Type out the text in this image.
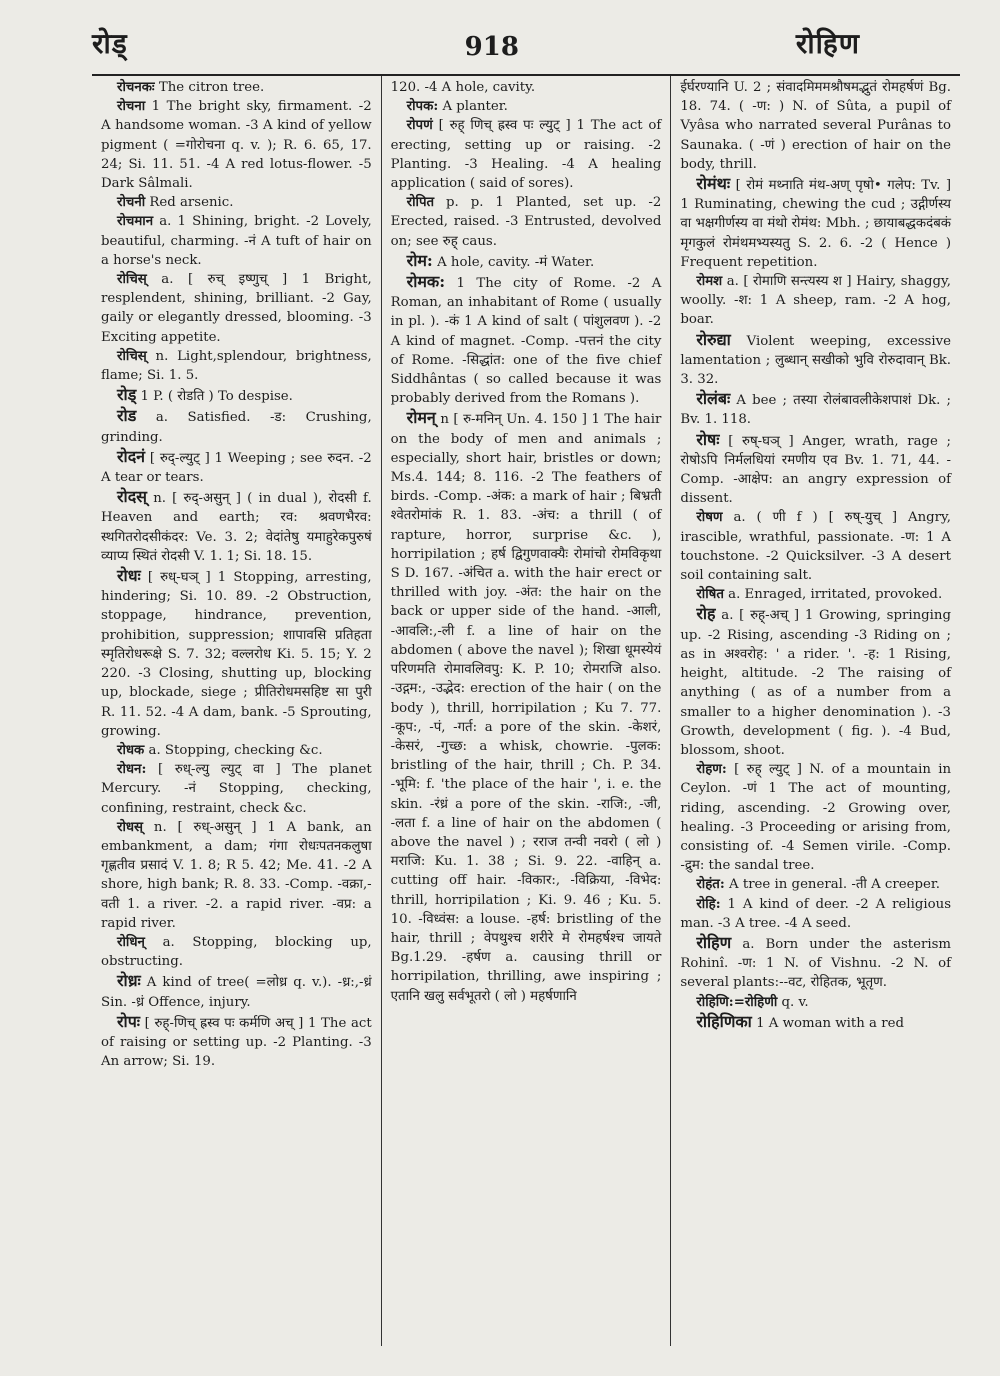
रोड्	918	रोहिण

रोचनकः The citron tree.

रोचना 1 The bright sky, firmament. -2 A handsome woman. -3 A kind of yellow pigment ( =गोरोचना q. v. ); R. 6. 65, 17. 24; Si. 11. 51. -4 A red lotus-flower. -5 Dark Sâlmali.

रोचनी Red arsenic.

रोचमान a. 1 Shining, bright. -2 Lovely, beautiful, charming. -नं A tuft of hair on a horse's neck.

रोचिस् a. [ रुच् इष्णुच् ] 1 Bright, resplendent, shining, brilliant. -2 Gay, gaily or elegantly dressed, blooming. -3 Exciting appetite.

रोचिस् n. Light,splendour, brightness, flame; Si. 1. 5.

रोड् 1 P. ( रोडति ) To despise.

रोड a. Satisfied. -ड: Crushing, grinding.

रोदनं [ रुद्-ल्युट् ] 1 Weeping ; see रुदन. -2 A tear or tears.

रोदस् n. [ रुद्-असुन् ] ( in dual ), रोदसी f. Heaven and earth; रव: श्रवणभैरव: स्थगितरोदसीकंदर: Ve. 3. 2; वेदांतेषु यमाहुरेकपुरुषं व्याप्य स्थितं रोदसी V. 1. 1; Si. 18. 15.

रोधः [ रुध्-घञ् ] 1 Stopping, arresting, hindering; Si. 10. 89. -2 Obstruction, stoppage, hindrance, prevention, prohibition, suppression; शापावसि प्रतिहता स्मृतिरोधरूक्षे S. 7. 32; वल्लरोध Ki. 5. 15; Y. 2 220. -3 Closing, shutting up, blocking up, blockade, siege ; प्रीतिरोधमसहिष्ट सा पुरी R. 11. 52. -4 A dam, bank. -5 Sprouting, growing.

रोधक a. Stopping, checking &c.

रोधन: [ रुध्-ल्यु ल्युट् वा ] The planet Mercury. -नं Stopping, checking, confining, restraint, check &c.

रोधस् n. [ रुध्-असुन् ] 1 A bank, an embankment, a dam; गंगा रोधःपतनकलुषा गृह्णतीव प्रसादं V. 1. 8; R 5. 42; Me. 41. -2 A shore, high bank; R. 8. 33. -Comp. -वक्रा,-वती 1. a river. -2. a rapid river. -वप्र: a rapid river.

रोधिन् a. Stopping, blocking up, obstructing.

रोध्रः A kind of tree( =लोध्र q. v.). -ध्र:,-ध्रं Sin. -ध्रं Offence, injury.

रोपः [ रुह्-णिच् ह्रस्व पः कर्मणि अच् ] 1 The act of raising or setting up. -2 Planting. -3 An arrow; Si. 19.

120. -4 A hole, cavity.

रोपक: A planter.

रोपणं [ रुह् णिच् ह्रस्व पः ल्युट् ] 1 The act of erecting, setting up or raising. -2 Planting. -3 Healing. -4 A healing application ( said of sores).

रोपित p. p. 1 Planted, set up. -2 Erected, raised. -3 Entrusted, devolved on; see रुह् caus.

रोम: A hole, cavity. -मं Water.

रोमक: 1 The city of Rome. -2 A Roman, an inhabitant of Rome ( usually in pl. ). -कं 1 A kind of salt ( पांशुलवण ). -2 A kind of magnet. -Comp. -पत्तनं the city of Rome. -सिद्धांत: one of the five chief Siddhântas ( so called because it was probably derived from the Romans ).

रोमन् n [ रु-मनिन् Un. 4. 150 ] 1 The hair on the body of men and animals ; especially, short hair, bristles or down; Ms.4. 144; 8. 116. -2 The feathers of birds. -Comp. -अंक: a mark of hair ; बिभ्रती श्वेतरोमांकं R. 1. 83. -अंच: a thrill ( of rapture, horror, surprise &c. ), horripilation ; हर्ष द्विगुणवाक्यैः रोमांचो रोमविकृथा S D. 167. -अंचित a. with the hair erect or thrilled with joy. -अंत: the hair on the back or upper side of the hand. -आली, -आवलि:,-ली f. a line of hair on the abdomen ( above the navel ); शिखा धूमस्येयं परिणमति रोमावलिवपु: K. P. 10; रोमराजि also. -उद्गम:, -उद्भेद: erection of the hair ( on the body ), thrill, horripilation ; Ku 7. 77. -कूप:, -पं, -गर्त: a pore of the skin. -केशरं, -केसरं, -गुच्छ: a whisk, chowrie. -पुलक: bristling of the hair, thrill ; Ch. P. 34. -भूमि: f. 'the place of the hair ', i. e. the skin. -रंध्रं a pore of the skin. -राजि:, -जी, -लता f. a line of hair on the abdomen ( above the navel ) ; रराज तन्वी नवरो ( लो ) मराजि: Ku. 1. 38 ; Si. 9. 22. -वाहिन् a. cutting off hair. -विकार:, -विक्रिया, -विभेद: thrill, horripilation ; Ki. 9. 46 ; Ku. 5. 10. -विध्वंस: a louse. -हर्ष: bristling of the hair, thrill ; वेपथुश्च शरीरे मे रोमहर्षश्च जायते Bg.1.29. -हर्षण a. causing thrill or horripilation, thrilling, awe inspiring ; एतानि खलु सर्वभूतरो ( लो ) महर्षणानि

ईर्घरण्यानि U. 2 ; संवादमिममश्रौषमद्भुतं रोमहर्षणं Bg. 18. 74. ( -ण: ) N. of Sûta, a pupil of Vyâsa who narrated several Purânas to Saunaka. ( -णं ) erection of hair on the body, thrill.

रोमंथः [ रोमं मथ्नाति मंथ-अण् पृषो• गलेप: Tv. ] 1 Ruminating, chewing the cud ; उद्गीर्णस्य वा भक्षगीर्णस्य वा मंथो रोमंथ: Mbh. ; छायाबद्धकदंबकं मृगकुलं रोमंथमभ्यस्यतु S. 2. 6. -2 ( Hence ) Frequent repetition.

रोमश a. [ रोमाणि सन्त्यस्य श ] Hairy, shaggy, woolly. -श: 1 A sheep, ram. -2 A hog, boar.

रोरुद्या Violent weeping, excessive lamentation ; लुब्धान् सखीको भुवि रोरुदावान् Bk. 3. 32.

रोलंबः A bee ; तस्या रोलंबावलीकेशपाशं Dk. ; Bv. 1. 118.

रोषः [ रुष्-घञ् ] Anger, wrath, rage ; रोषोऽपि निर्मलधियां रमणीय एव Bv. 1. 71, 44. -Comp. -आक्षेप: an angry expression of dissent.

रोषण a. ( णी f ) [ रुष्-युच् ] Angry, irascible, wrathful, passionate. -ण: 1 A touchstone. -2 Quicksilver. -3 A desert soil containing salt.

रोषित a. Enraged, irritated, provoked.

रोह a. [ रुह्-अच् ] 1 Growing, springing up. -2 Rising, ascending -3 Riding on ; as in अश्वरोह: ' a rider. '. -ह: 1 Rising, height, altitude. -2 The raising of anything ( as of a number from a smaller to a higher denomination ). -3 Growth, development ( fig. ). -4 Bud, blossom, shoot.

रोहण: [ रुह् ल्युट् ] N. of a mountain in Ceylon. -णं 1 The act of mounting, riding, ascending. -2 Growing over, healing. -3 Proceeding or arising from, consisting of. -4 Semen virile. -Comp. -द्रुम: the sandal tree.

रोहंत: A tree in general. -ती A creeper.

रोहि: 1 A kind of deer. -2 A religious man. -3 A tree. -4 A seed.

रोहिण a. Born under the asterism Rohinî. -ण: 1 N. of Vishnu. -2 N. of several plants:--वट, रोहितक, भूतृण.

रोहिणि:=रोहिणी q. v.

रोहिणिका 1 A woman with a red
